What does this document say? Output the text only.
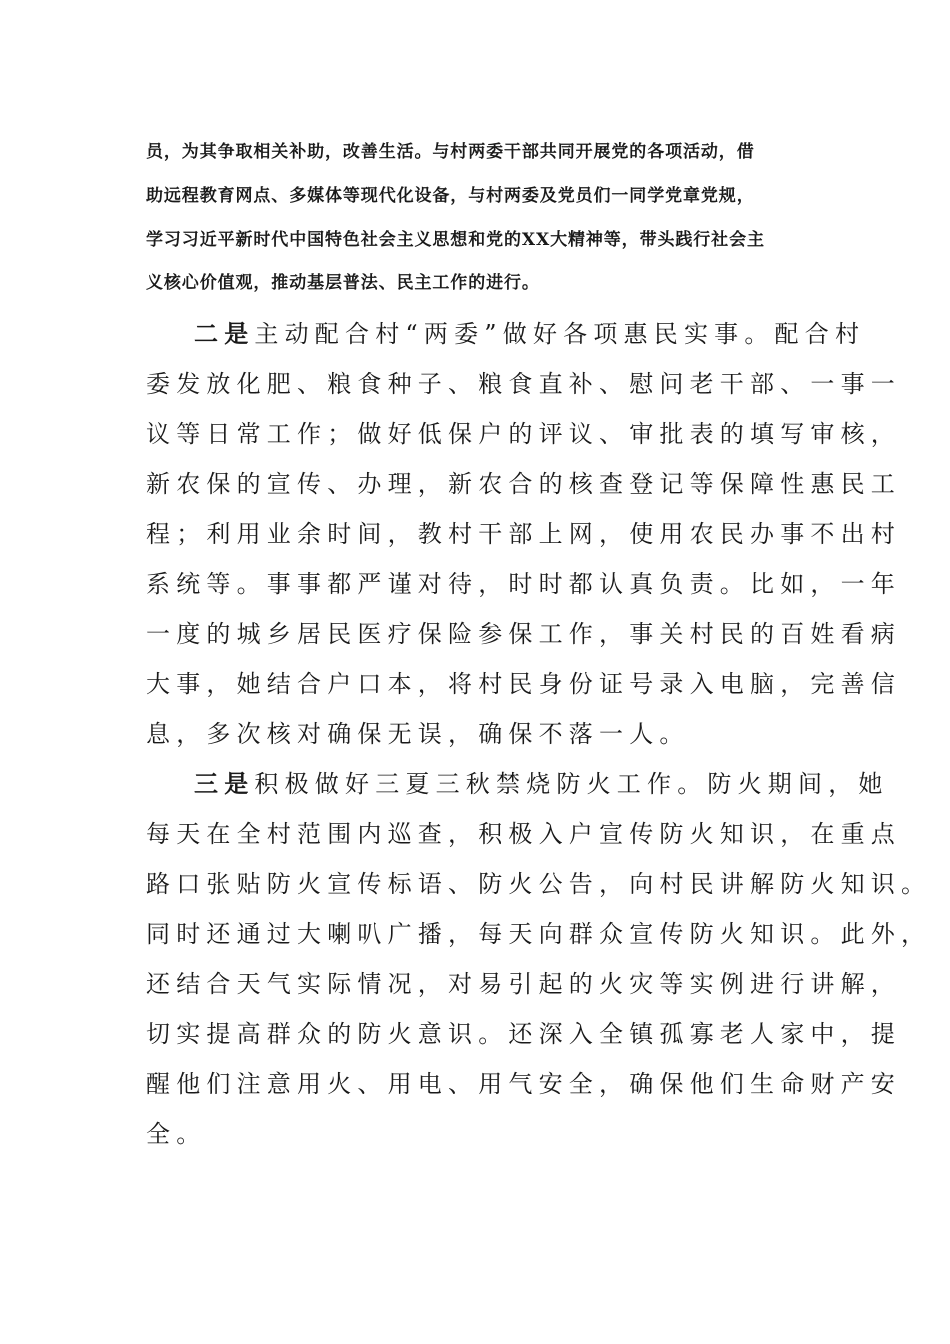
员，为其争取相关补助，改善生活。与村两委干部共同开展党的各项活动，借
助远程教育网点、多媒体等现代化设备，与村两委及党员们一同学党章党规，
学习习近平新时代中国特色社会主义思想和党的XX大精神等，带头践行社会主
义核心价值观，推动基层普法、民主工作的进行。
二是主动配合村“两委”做好各项惠民实事。配合村
委发放化肥、粮食种子、粮食直补、慰问老干部、一事一
议等日常工作；做好低保户的评议、审批表的填写审核，
新农保的宣传、办理，新农合的核查登记等保障性惠民工
程；利用业余时间，教村干部上网，使用农民办事不出村
系统等。事事都严谨对待，时时都认真负责。比如，一年
一度的城乡居民医疗保险参保工作，事关村民的百姓看病
大事，她结合户口本，将村民身份证号录入电脑，完善信
息，多次核对确保无误，确保不落一人。
三是积极做好三夏三秋禁烧防火工作。防火期间，她
每天在全村范围内巡查，积极入户宣传防火知识，在重点
路口张贴防火宣传标语、防火公告，向村民讲解防火知识。
同时还通过大喇叭广播，每天向群众宣传防火知识。此外，
还结合天气实际情况，对易引起的火灾等实例进行讲解，
切实提高群众的防火意识。还深入全镇孤寡老人家中，提
醒他们注意用火、用电、用气安全，确保他们生命财产安
全。
